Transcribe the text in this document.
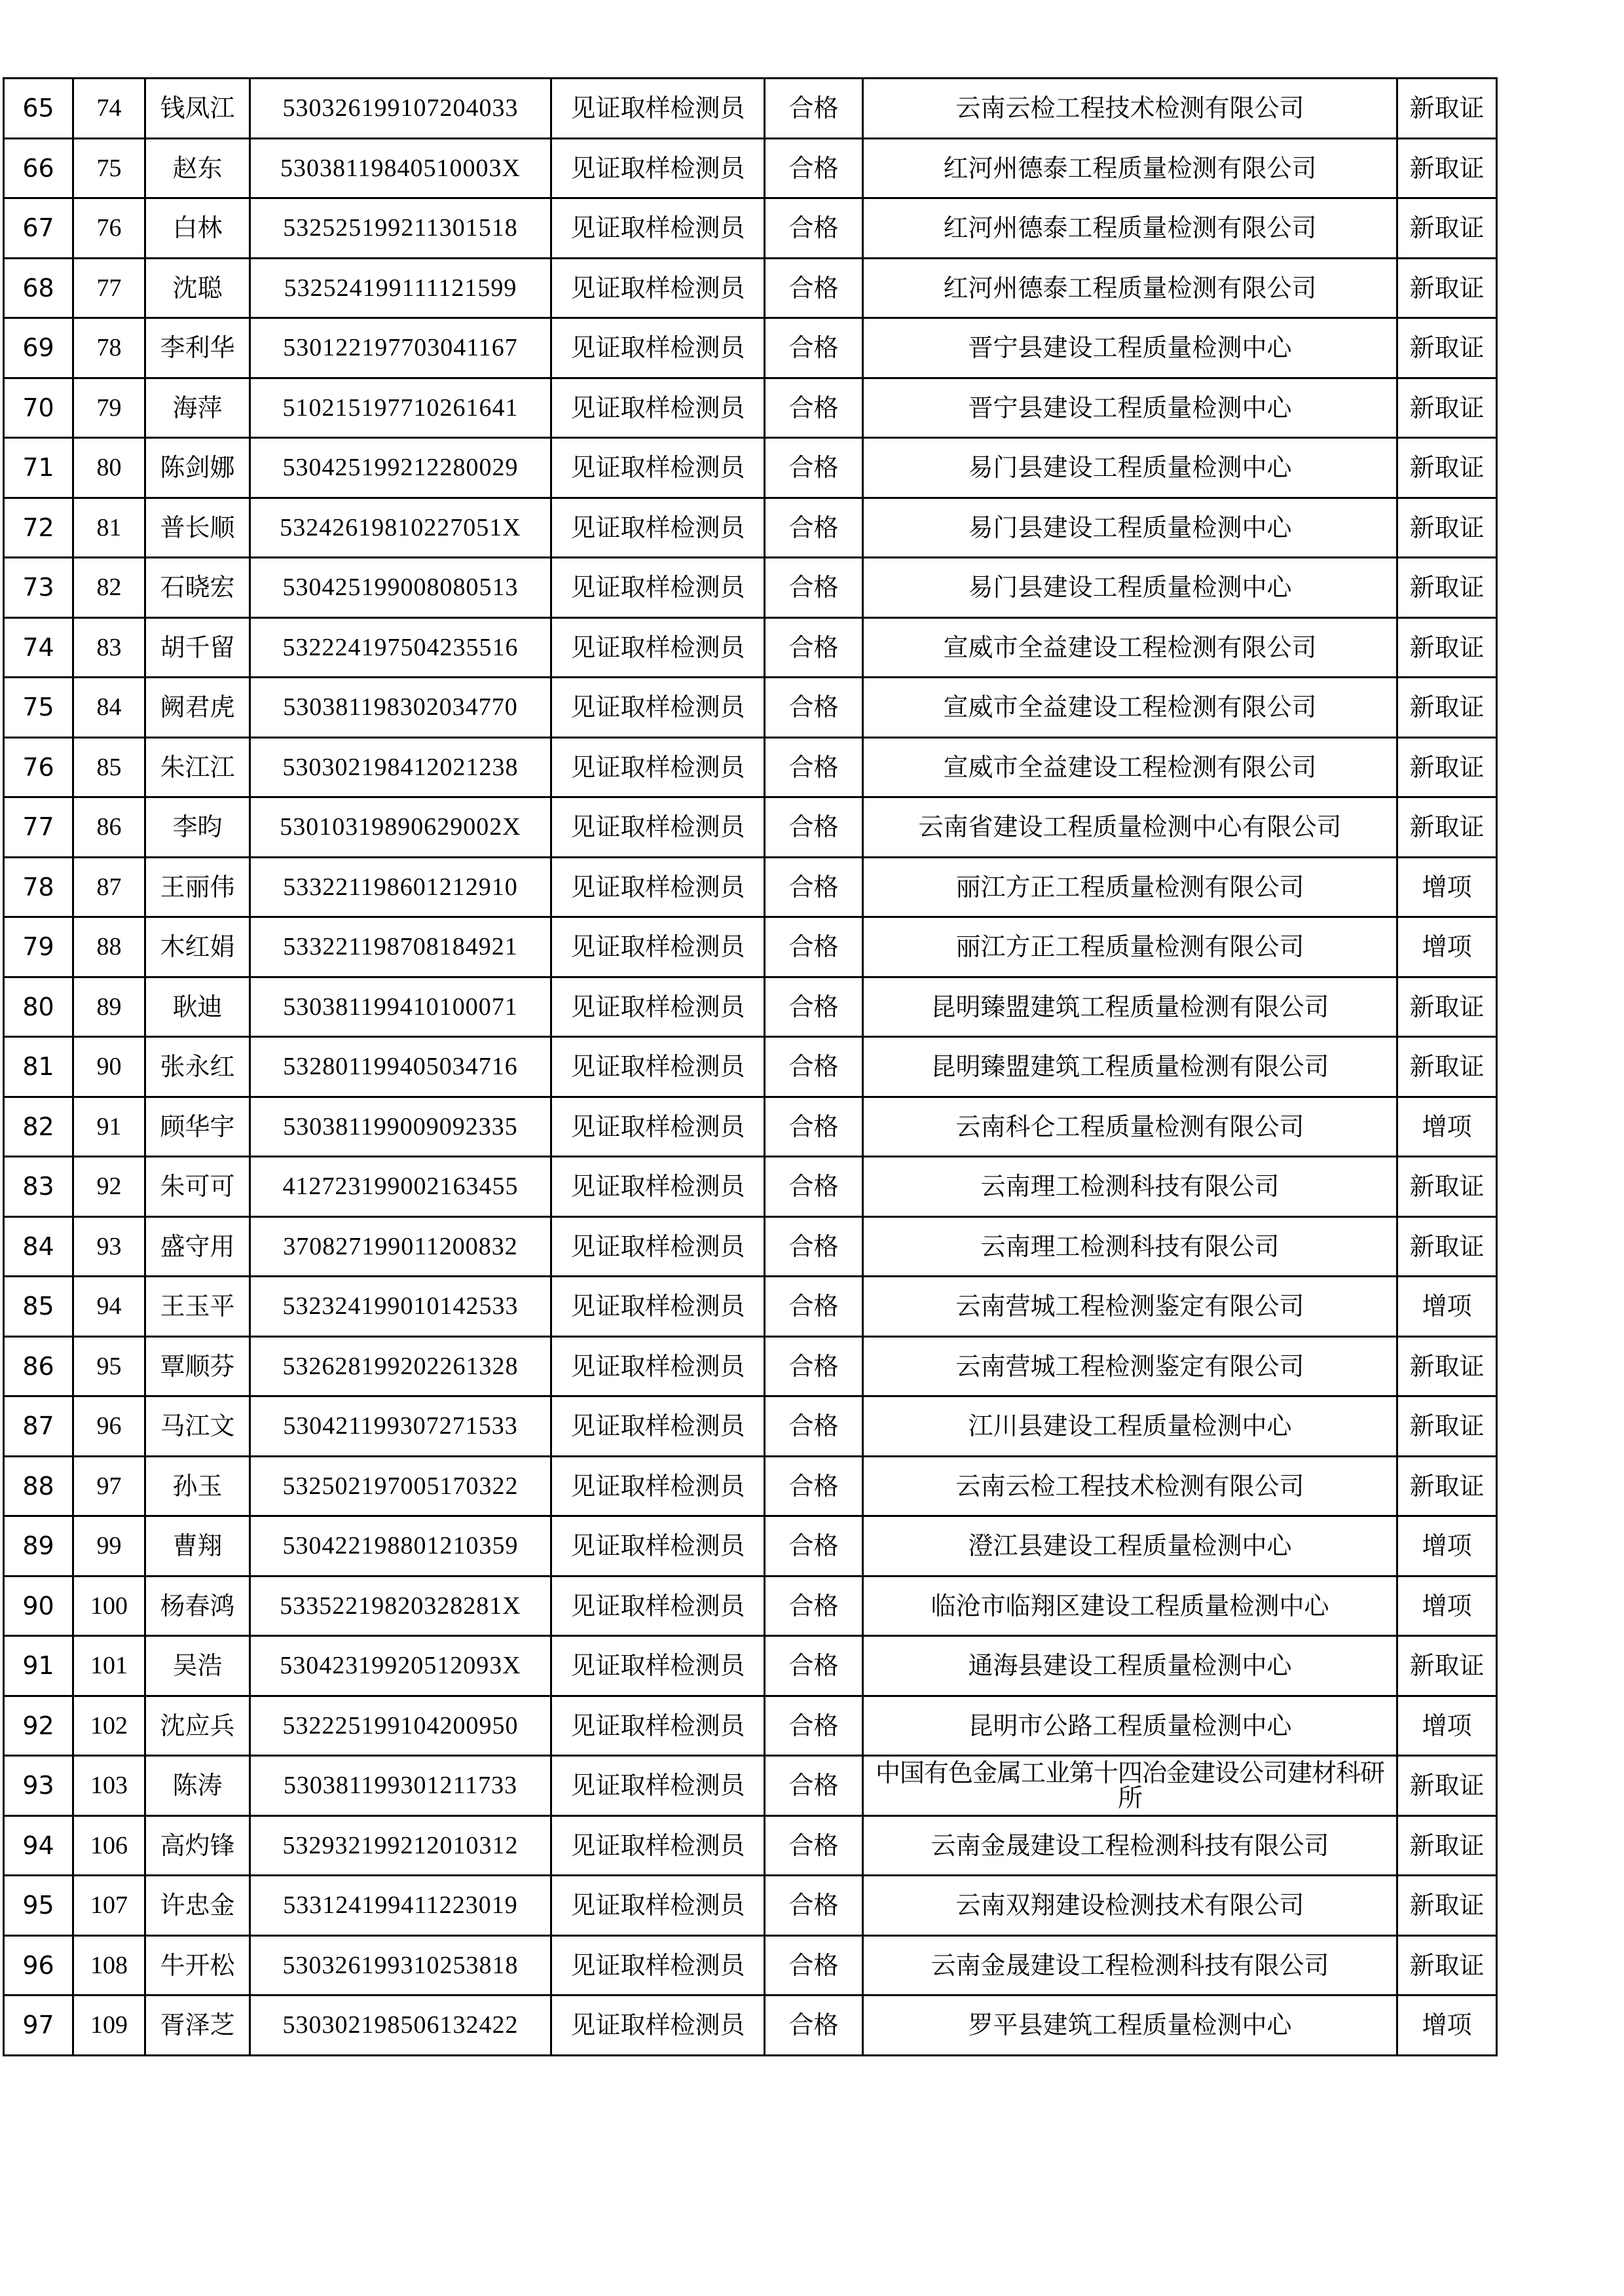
65	74	钱凤江	530326199107204033	见证取样检测员	合格	云南云检工程技术检测有限公司	新取证
66	75	赵东	53038119840510003X	见证取样检测员	合格	红河州德泰工程质量检测有限公司	新取证
67	76	白林	532525199211301518	见证取样检测员	合格	红河州德泰工程质量检测有限公司	新取证
68	77	沈聪	532524199111121599	见证取样检测员	合格	红河州德泰工程质量检测有限公司	新取证
69	78	李利华	530122197703041167	见证取样检测员	合格	晋宁县建设工程质量检测中心	新取证
70	79	海萍	510215197710261641	见证取样检测员	合格	晋宁县建设工程质量检测中心	新取证
71	80	陈剑娜	530425199212280029	见证取样检测员	合格	易门县建设工程质量检测中心	新取证
72	81	普长顺	53242619810227051X	见证取样检测员	合格	易门县建设工程质量检测中心	新取证
73	82	石晓宏	530425199008080513	见证取样检测员	合格	易门县建设工程质量检测中心	新取证
74	83	胡千留	532224197504235516	见证取样检测员	合格	宣威市全益建设工程检测有限公司	新取证
75	84	阙君虎	530381198302034770	见证取样检测员	合格	宣威市全益建设工程检测有限公司	新取证
76	85	朱江江	530302198412021238	见证取样检测员	合格	宣威市全益建设工程检测有限公司	新取证
77	86	李昀	53010319890629002X	见证取样检测员	合格	云南省建设工程质量检测中心有限公司	新取证
78	87	王丽伟	533221198601212910	见证取样检测员	合格	丽江方正工程质量检测有限公司	增项
79	88	木红娟	533221198708184921	见证取样检测员	合格	丽江方正工程质量检测有限公司	增项
80	89	耿迪	530381199410100071	见证取样检测员	合格	昆明臻盟建筑工程质量检测有限公司	新取证
81	90	张永红	532801199405034716	见证取样检测员	合格	昆明臻盟建筑工程质量检测有限公司	新取证
82	91	顾华宇	530381199009092335	见证取样检测员	合格	云南科仑工程质量检测有限公司	增项
83	92	朱可可	412723199002163455	见证取样检测员	合格	云南理工检测科技有限公司	新取证
84	93	盛守用	370827199011200832	见证取样检测员	合格	云南理工检测科技有限公司	新取证
85	94	王玉平	532324199010142533	见证取样检测员	合格	云南营城工程检测鉴定有限公司	增项
86	95	覃顺芬	532628199202261328	见证取样检测员	合格	云南营城工程检测鉴定有限公司	新取证
87	96	马江文	530421199307271533	见证取样检测员	合格	江川县建设工程质量检测中心	新取证
88	97	孙玉	532502197005170322	见证取样检测员	合格	云南云检工程技术检测有限公司	新取证
89	99	曹翔	530422198801210359	见证取样检测员	合格	澄江县建设工程质量检测中心	增项
90	100	杨春鸿	53352219820328281X	见证取样检测员	合格	临沧市临翔区建设工程质量检测中心	增项
91	101	吴浩	53042319920512093X	见证取样检测员	合格	通海县建设工程质量检测中心	新取证
92	102	沈应兵	532225199104200950	见证取样检测员	合格	昆明市公路工程质量检测中心	增项
93	103	陈涛	530381199301211733	见证取样检测员	合格	中国有色金属工业第十四冶金建设公司建材科研所	新取证
94	106	高灼锋	532932199212010312	见证取样检测员	合格	云南金晟建设工程检测科技有限公司	新取证
95	107	许忠金	533124199411223019	见证取样检测员	合格	云南双翔建设检测技术有限公司	新取证
96	108	牛开松	530326199310253818	见证取样检测员	合格	云南金晟建设工程检测科技有限公司	新取证
97	109	胥泽芝	530302198506132422	见证取样检测员	合格	罗平县建筑工程质量检测中心	增项
